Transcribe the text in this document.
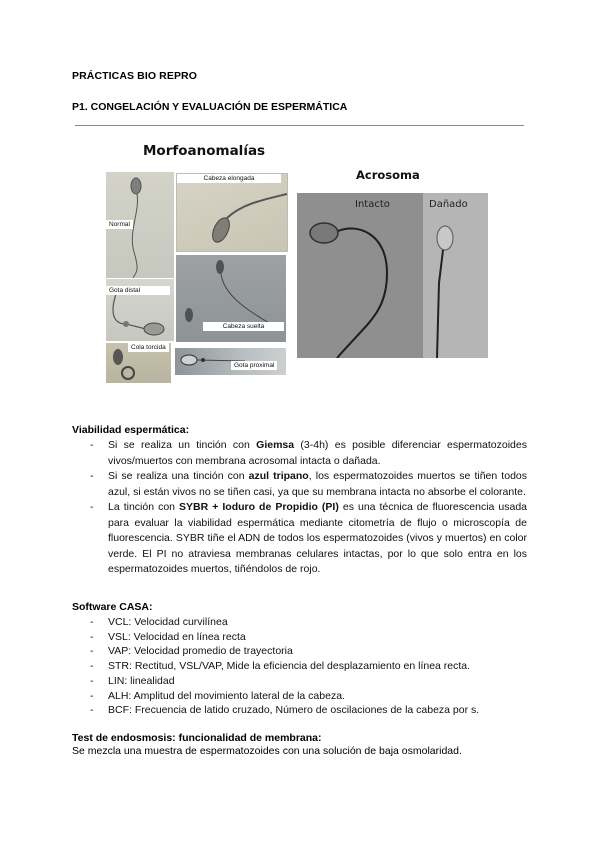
PRÁCTICAS BIO REPRO
P1. CONGELACIÓN Y EVALUACIÓN DE ESPERMÁTICA
Morfoanomalías
Normal
Cabeza elongada
Gota distal
Cabeza suelta
Cola torcida
Gota proximal
Acrosoma
Intacto	Dañado
Viabilidad espermática:
- Si se realiza un tinción con Giemsa (3-4h) es posible diferenciar espermatozoides vivos/muertos con membrana acrosomal intacta o dañada.
- Si se realiza una tinción con azul tripano, los espermatozoides muertos se tiñen todos azul, si están vivos no se tiñen casi, ya que su membrana intacta no absorbe el colorante.
- La tinción con SYBR + Ioduro de Propidio (PI) es una técnica de fluorescencia usada para evaluar la viabilidad espermática mediante citometría de flujo o microscopía de fluorescencia. SYBR tiñe el ADN de todos los espermatozoides (vivos y muertos) en color verde. El PI no atraviesa membranas celulares intactas, por lo que solo entra en los espermatozoides muertos, tiñéndolos de rojo.
Software CASA:
- VCL: Velocidad curvilínea
- VSL: Velocidad en línea recta
- VAP: Velocidad promedio de trayectoria
- STR: Rectitud, VSL/VAP, Mide la eficiencia del desplazamiento en línea recta.
- LIN: linealidad
- ALH: Amplitud del movimiento lateral de la cabeza.
- BCF: Frecuencia de latido cruzado, Número de oscilaciones de la cabeza por s.
Test de endosmosis: funcionalidad de membrana:
Se mezcla una muestra de espermatozoides con una solución de baja osmolaridad.
